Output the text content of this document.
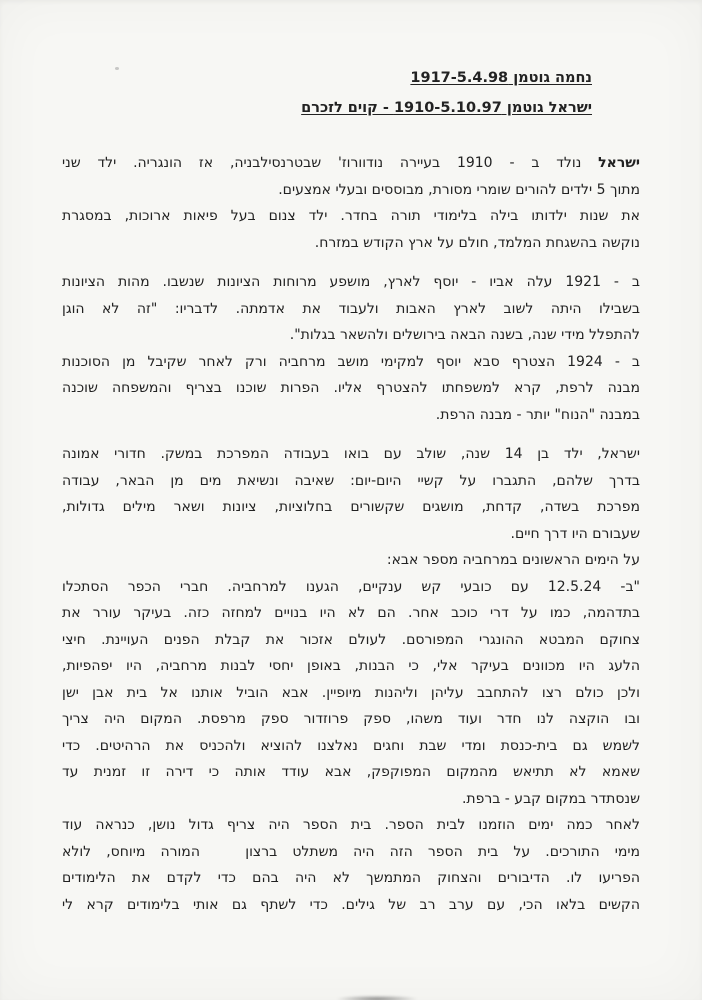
נחמה גוטמן 1917-5.4.98
ישראל גוטמן 1910-5.10.97 - קוים לזכרם
ישראל נולד ב - 1910 בעיירה נודוורוז' שבטרנסילבניה, אז הונגריה. ילד שני
מתוך 5 ילדים להורים שומרי מסורת, מבוססים ובעלי אמצעים.
את שנות ילדותו בילה בלימודי תורה בחדר. ילד צנום בעל פיאות ארוכות, במסגרת
נוקשה בהשגחת המלמד, חולם על ארץ הקודש במזרח.
ב - 1921 עלה אביו - יוסף לארץ, מושפע מרוחות הציונות שנשבו. מהות הציונות
בשבילו היתה לשוב לארץ האבות ולעבוד את אדמתה. לדבריו: "זה לא הוגן
להתפלל מידי שנה, בשנה הבאה בירושלים ולהשאר בגלות".
ב - 1924 הצטרף סבא יוסף למקימי מושב מרחביה ורק לאחר שקיבל מן הסוכנות
מבנה לרפת, קרא למשפחתו להצטרף אליו. הפרות שוכנו בצריף והמשפחה שוכנה
במבנה "הנוח" יותר - מבנה הרפת.
ישראל, ילד בן 14 שנה, שולב עם בואו בעבודה המפרכת במשק. חדורי אמונה
בדרך שלהם, התגברו על קשיי היום-יום: שאיבה ונשיאת מים מן הבאר, עבודה
מפרכת בשדה, קדחת, מושגים שקשורים בחלוציות, ציונות ושאר מילים גדולות,
שעבורם היו דרך חיים.
על הימים הראשונים במרחביה מספר אבא:
"ב- 12.5.24 עם כובעי קש ענקיים, הגענו למרחביה. חברי הכפר הסתכלו
בתדהמה, כמו על דרי כוכב אחר. הם לא היו בנויים למחזה כזה. בעיקר עורר את
צחוקם המבטא ההונגרי המפורסם. לעולם אזכור את קבלת הפנים העויינת. חיצי
הלעג היו מכוונים בעיקר אלי, כי הבנות, באופן יחסי לבנות מרחביה, היו יפהפיות,
ולכן כולם רצו להתחבב עליהן וליהנות מיופיין. אבא הוביל אותנו אל בית אבן ישן
ובו הוקצה לנו חדר ועוד משהו, ספק פרוזדור ספק מרפסת. המקום היה צריך
לשמש גם בית-כנסת ומדי שבת וחגים נאלצנו להוציא ולהכניס את הרהיטים. כדי
שאמא לא תתיאש מהמקום המפוקפק, אבא עודד אותה כי דירה זו זמנית עד
שנסתדר במקום קבע - ברפת.
לאחר כמה ימים הוזמנו לבית הספר. בית הספר היה צריף גדול נושן, כנראה עוד
מימי התורכים. על בית הספר הזה היה משתלט ברצון   המורה מיוחס, לולא
הפריעו לו. הדיבורים והצחוק המתמשך לא היה בהם כדי לקדם את הלימודים
הקשים בלאו הכי, עם ערב רב של גילים. כדי לשתף גם אותי בלימודים קרא לי
